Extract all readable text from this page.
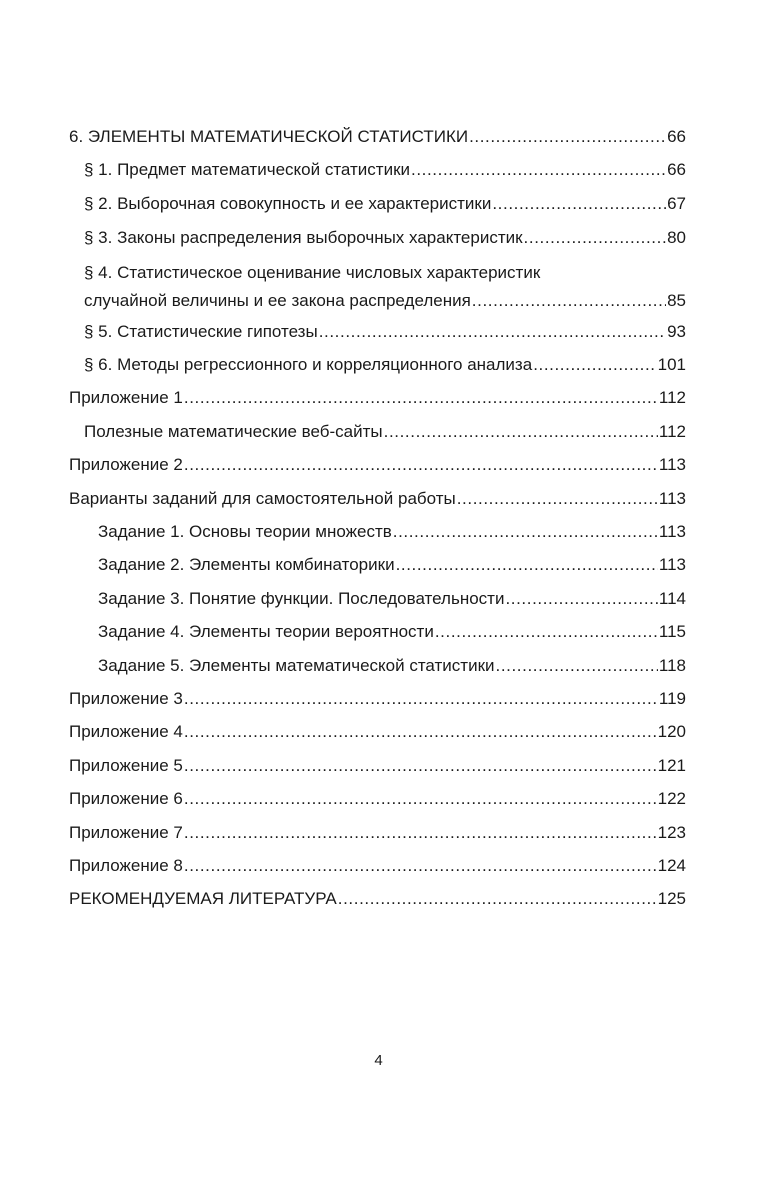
6. ЭЛЕМЕНТЫ МАТЕМАТИЧЕСКОЙ СТАТИСТИКИ .....	66
§ 1. Предмет математической статистики .....	66
§ 2. Выборочная совокупность и ее характеристики .....	67
§ 3. Законы распределения выборочных характеристик .....	80
§ 4. Статистическое оценивание числовых характеристик
случайной величины и ее закона распределения .....	85
§ 5. Статистические гипотезы .....	93
§ 6. Методы регрессионного и корреляционного анализа .....	101
Приложение 1 .....	112
Полезные математические веб-сайты .....	112
Приложение 2 .....	113
Варианты заданий для самостоятельной работы .....	113
Задание 1. Основы теории множеств .....	113
Задание 2. Элементы комбинаторики .....	113
Задание 3. Понятие функции. Последовательности .....	114
Задание 4. Элементы теории вероятности .....	115
Задание 5. Элементы математической статистики .....	118
Приложение 3 .....	119
Приложение 4 .....	120
Приложение 5 .....	121
Приложение 6 .....	122
Приложение 7 .....	123
Приложение 8 .....	124
РЕКОМЕНДУЕМАЯ ЛИТЕРАТУРА .....	125
4
